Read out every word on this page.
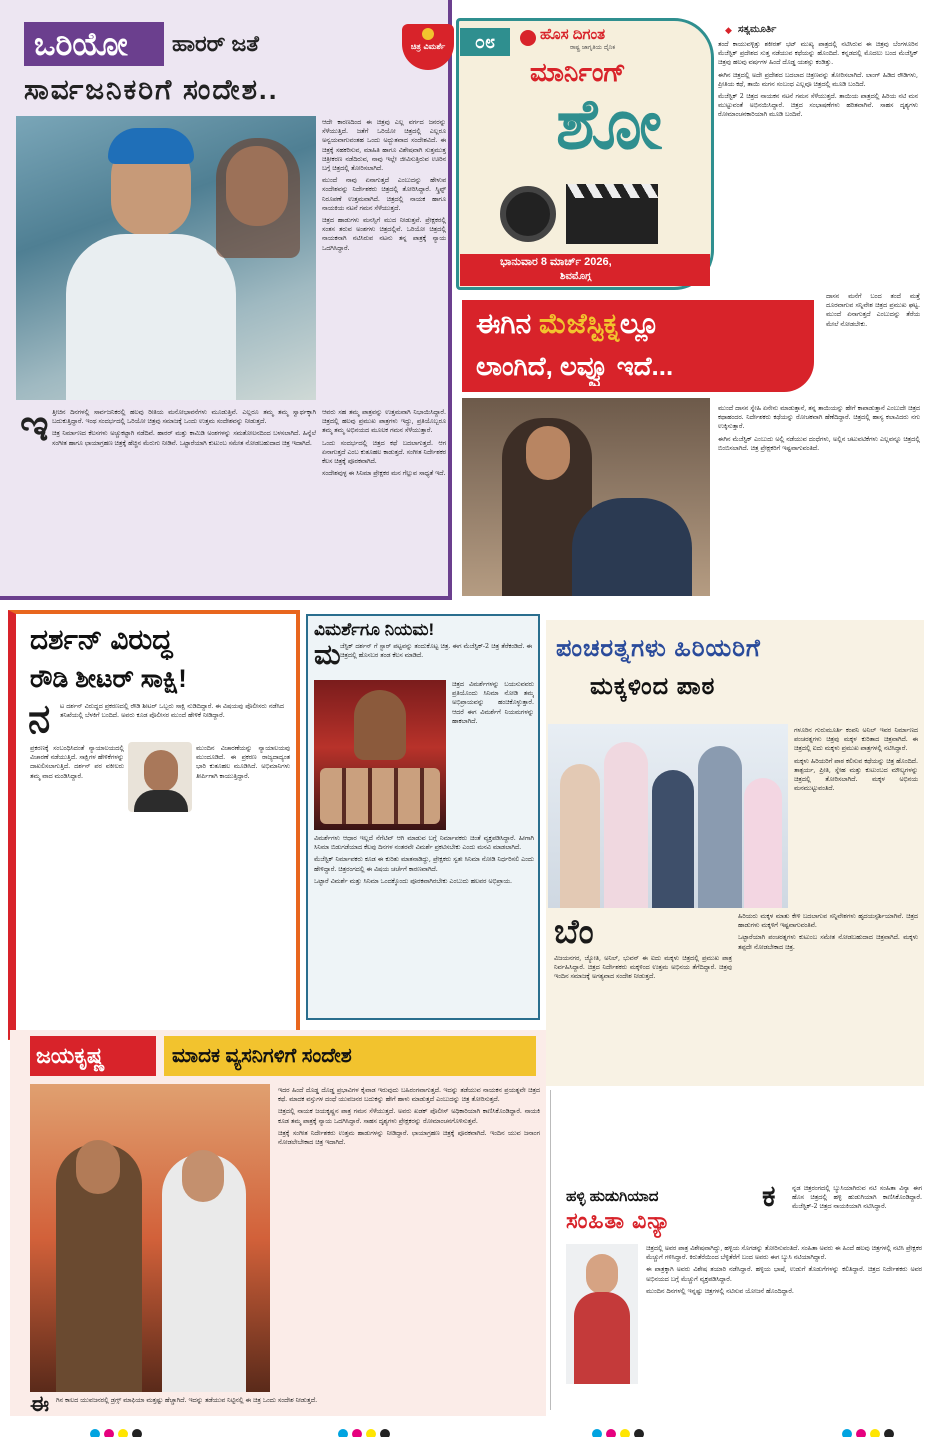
ಒರಿಯೋ	ಹಾರರ್ ಜತೆ
ಸಾರ್ವಜನಿಕರಿಗೆ ಸಂದೇಶ..
ಚಿತ್ರ ವಿಮರ್ಶೆ

ಆದೇ ಕಾರಣದಿಂದ ಈ ಚಿತ್ರವು ಎಲ್ಲ ವರ್ಗದ ಜನರನ್ನು ಸೆಳೆಯುತ್ತಿದೆ. ಜತೆಗೆ ಒರಿಯೋ ಚಿತ್ರದಲ್ಲಿ ಎಲ್ಲರೂ ಅನ್ವಯವಾಗುವಂತಹ ಒಂದು ಅದ್ಭುತವಾದ ಸಂದೇಶವಿದೆ. ಈ ಚಿತ್ರಕ್ಕೆ ಸಹಕರಿಸುವ, ಮಾಹಿತಿ ಹಾಗೂ ವಿಶೇಷವಾಗಿ ಸುತ್ತಮುತ್ತ ಚಿತ್ರೀಕರಣ ನಡೆದಿರುವ, ನಾವು ಇಲ್ಲೇ ಜೀವಿಸುತ್ತಿರುವ ಊರಿನ ಬಗ್ಗೆ ಚಿತ್ರದಲ್ಲಿ ತೋರಿಸಲಾಗಿದೆ.

ಮುಂದೆ ನಾವು ಏನಾಗುತ್ತದೆ ಎಂಬುದನ್ನು ಹೇಳುವ ಸಂದೇಶವನ್ನು ನಿರ್ದೇಶಕರು ಚಿತ್ರದಲ್ಲಿ ತೋರಿಸಿದ್ದಾರೆ. ಸ್ಕ್ರಿಪ್ಟ್ ನಿರೂಪಣೆ ಉತ್ತಮವಾಗಿದೆ. ಚಿತ್ರದಲ್ಲಿ ನಾಯಕ ಹಾಗೂ ನಾಯಕಿಯ ನಟನೆ ಗಮನ ಸೆಳೆಯುತ್ತದೆ.

ಚಿತ್ರದ ಹಾಡುಗಳು ಮನಸ್ಸಿಗೆ ಮುದ ನೀಡುತ್ತವೆ. ಪ್ರೇಕ್ಷಕರಲ್ಲಿ ಸಂತಸ ತರುವ ಅಂಶಗಳು ಚಿತ್ರದಲ್ಲಿವೆ. ಒರಿಯೋ ಚಿತ್ರದಲ್ಲಿ ನಾಯಕನಾಗಿ ನಟಿಸಿರುವ ನಟನು ತನ್ನ ಪಾತ್ರಕ್ಕೆ ನ್ಯಾಯ ಒದಗಿಸಿದ್ದಾರೆ.

ಇ ತ್ತೀಚಿನ ದಿನಗಳಲ್ಲಿ ಸಾರ್ವಜನಿಕರಲ್ಲಿ ಹಲವು ರೀತಿಯ ಮನೋಭಾವನೆಗಳು ಮೂಡುತ್ತಿವೆ. ಎಲ್ಲರೂ ತಮ್ಮ ತಮ್ಮ ಸ್ವಾರ್ಥಕ್ಕಾಗಿ ಬದುಕುತ್ತಿದ್ದಾರೆ. ಇಂಥ ಸಂದರ್ಭದಲ್ಲಿ ಒರಿಯೋ ಚಿತ್ರವು ಸಮಾಜಕ್ಕೆ ಒಂದು ಉತ್ತಮ ಸಂದೇಶವನ್ನು ನೀಡುತ್ತದೆ.

ಚಿತ್ರ ನಿರ್ಮಾಣದ ಕೆಲಸಗಳು ಅಚ್ಚುಕಟ್ಟಾಗಿ ನಡೆದಿವೆ. ಹಾರರ್ ಮತ್ತು ಕಾಮಿಡಿ ಅಂಶಗಳನ್ನು ಸಮತೋಲನದಿಂದ ಬಳಸಲಾಗಿದೆ. ಹಿನ್ನೆಲೆ ಸಂಗೀತ ಹಾಗೂ ಛಾಯಾಗ್ರಹಣ ಚಿತ್ರಕ್ಕೆ ಹೆಚ್ಚಿನ ಮೆರುಗು ನೀಡಿವೆ. ಒಟ್ಟಾರೆಯಾಗಿ ಕುಟುಂಬ ಸಮೇತ ನೋಡಬಹುದಾದ ಚಿತ್ರ ಇದಾಗಿದೆ.

ಆವರು ಸಹ ತಮ್ಮ ಪಾತ್ರವನ್ನು ಉತ್ತಮವಾಗಿ ನಿಭಾಯಿಸಿದ್ದಾರೆ. ಚಿತ್ರದಲ್ಲಿ ಹಲವು ಪ್ರಮುಖ ಪಾತ್ರಗಳು ಇದ್ದು, ಪ್ರತಿಯೊಬ್ಬರೂ ತಮ್ಮ ತಮ್ಮ ಅಭಿನಯದ ಮೂಲಕ ಗಮನ ಸೆಳೆಯುತ್ತಾರೆ.

ಒಂದು ಸಂದರ್ಭದಲ್ಲಿ ಚಿತ್ರದ ಕಥೆ ಬದಲಾಗುತ್ತದೆ. ಆಗ ಏನಾಗುತ್ತದೆ ಎಂಬ ಕುತೂಹಲ ಕಾಡುತ್ತದೆ. ಸಂಗೀತ ನಿರ್ದೇಶಕರ ಕೆಲಸ ಚಿತ್ರಕ್ಕೆ ಪೂರಕವಾಗಿದೆ.

ಸಂದೇಶವುಳ್ಳ ಈ ಸಿನಿಮಾ ಪ್ರೇಕ್ಷಕರ ಮನ ಗೆಲ್ಲುವ ಸಾಧ್ಯತೆ ಇದೆ.

೦೮	ಹೊಸ ದಿಗಂತ
ರಾಷ್ಟ್ರ ಜಾಗೃತಿಯ ದೈನಿಕ
ಮಾರ್ನಿಂಗ್
ಶೋ
ಭಾನುವಾರ 8 ಮಾರ್ಚ್ 2026,
ಶಿವಮೊಗ್ಗ
◆ ಸತ್ಯಮೂರ್ತಿ

ತಂದೆ ಕಾಯುವಳ್ಳಿತ್ತು ಶಕೀರತ್ ಭಟ್ ಮುಖ್ಯ ಪಾತ್ರದಲ್ಲಿ ನಟಿಸಿರುವ ಈ ಚಿತ್ರವು ಬೆಂಗಳೂರಿನ ಮೆಜೆಸ್ಟಿಕ್ ಪ್ರದೇಶದ ಸುತ್ತ ನಡೆಯುವ ಕಥೆಯನ್ನು ಹೊಂದಿದೆ. ಕನ್ನಡದಲ್ಲಿ ಮೊದಲು ಬಂದ ಮೆಜೆಸ್ಟಿಕ್ ಚಿತ್ರವು ಹಲವು ವರ್ಷಗಳ ಹಿಂದೆ ದೊಡ್ಡ ಯಶಸ್ಸು ಕಂಡಿತ್ತು.

ಈಗಿನ ಚಿತ್ರದಲ್ಲಿ ಅದೇ ಪ್ರದೇಶದ ಬದಲಾದ ಚಿತ್ರಣವನ್ನು ತೋರಿಸಲಾಗಿದೆ. ಲಾಂಗ್ ಹಿಡಿದ ರೌಡಿಗಳು, ಪ್ರೀತಿಯ ಕಥೆ, ತಾಯಿ ಮಗನ ಸಂಬಂಧ ಎಲ್ಲವೂ ಚಿತ್ರದಲ್ಲಿ ಮೂಡಿ ಬಂದಿದೆ.

ಮೆಜೆಸ್ಟಿಕ್ 2 ಚಿತ್ರದ ನಾಯಕನ ನಟನೆ ಗಮನ ಸೆಳೆಯುತ್ತದೆ. ತಾಯಿಯ ಪಾತ್ರದಲ್ಲಿ ಹಿರಿಯ ನಟಿ ಮನ ಮುಟ್ಟುವಂತೆ ಅಭಿನಯಿಸಿದ್ದಾರೆ. ಚಿತ್ರದ ಸಂಭಾಷಣೆಗಳು ಹರಿತವಾಗಿವೆ. ಸಾಹಸ ದೃಶ್ಯಗಳು ರೋಮಾಂಚನಕಾರಿಯಾಗಿ ಮೂಡಿ ಬಂದಿವೆ.

ದಾಸನ ಮನೆಗೆ ಬಂದ ತಂದೆ ಮತ್ತೆ ದೂರವಾಗುವ ಸನ್ನಿವೇಶ ಚಿತ್ರದ ಪ್ರಮುಖ ಘಟ್ಟ. ಮುಂದೆ ಏನಾಗುತ್ತದೆ ಎಂಬುದನ್ನು ತೆರೆಯ ಮೇಲೆ ನೋಡಬೇಕು.

ಈಗಿನ ಮೆಜೆಸ್ಟಿಕ್ನಲ್ಲೂ
ಲಾಂಗಿದೆ, ಲವ್ವೂ ಇದೆ...

ಮುಂದೆ ದಾಸನ ಸ್ನೇಹಿ ಏನೇನು ಮಾಡುತ್ತಾನೆ, ತನ್ನ ತಾಯಿಯನ್ನು ಹೇಗೆ ಕಾಪಾಡುತ್ತಾನೆ ಎಂಬುದೇ ಚಿತ್ರದ ಕಥಾಹಂದರ. ನಿರ್ದೇಶಕರು ಕಥೆಯನ್ನು ರೋಚಕವಾಗಿ ಹೆಣೆದಿದ್ದಾರೆ. ಚಿತ್ರದಲ್ಲಿ ಹಾಸ್ಯ ಕಲಾವಿದರು ನಗು ಉಕ್ಕಿಸುತ್ತಾರೆ.

ಈಗಿನ ಮೆಜೆಸ್ಟಿಕ್ ಎಂಬುದು ಅಲ್ಲಿ ನಡೆಯುವ ದಂಧೆಗಳು, ಅಲ್ಲಿನ ಚಟುವಟಿಕೆಗಳು ಎಲ್ಲವನ್ನೂ ಚಿತ್ರದಲ್ಲಿ ಬಿಂಬಿಸಲಾಗಿದೆ. ಚಿತ್ರ ಪ್ರೇಕ್ಷಕರಿಗೆ ಇಷ್ಟವಾಗುವಂತಿದೆ.

ದರ್ಶನ್ ವಿರುದ್ಧ
ರೌಡಿ ಶೀಟರ್ ಸಾಕ್ಷಿ!
ನ ಟ ದರ್ಶನ್ ವಿರುದ್ಧದ ಪ್ರಕರಣದಲ್ಲಿ ರೌಡಿ ಶೀಟರ್ ಒಬ್ಬರು ಸಾಕ್ಷಿ ನುಡಿದಿದ್ದಾರೆ. ಈ ವಿಷಯವು ಪೊಲೀಸರು ನಡೆಸಿದ ತನಿಖೆಯಲ್ಲಿ ಬೆಳಕಿಗೆ ಬಂದಿದೆ. ಅವರು ಕೂಡ ಪೊಲೀಸರ ಮುಂದೆ ಹೇಳಿಕೆ ನೀಡಿದ್ದಾರೆ.

ಪ್ರಕರಣಕ್ಕೆ ಸಂಬಂಧಿಸಿದಂತೆ ನ್ಯಾಯಾಲಯದಲ್ಲಿ ವಿಚಾರಣೆ ನಡೆಯುತ್ತಿದೆ. ಸಾಕ್ಷಿಗಳ ಹೇಳಿಕೆಗಳನ್ನು ದಾಖಲಿಸಲಾಗುತ್ತಿದೆ. ದರ್ಶನ್ ಪರ ವಕೀಲರು ತಮ್ಮ ವಾದ ಮಂಡಿಸಿದ್ದಾರೆ.

ಮುಂದಿನ ವಿಚಾರಣೆಯನ್ನು ನ್ಯಾಯಾಲಯವು ಮುಂದೂಡಿದೆ. ಈ ಪ್ರಕರಣ ರಾಜ್ಯದಾದ್ಯಂತ ಭಾರಿ ಕುತೂಹಲ ಮೂಡಿಸಿದೆ. ಅಭಿಮಾನಿಗಳು ತೀರ್ಪಿಗಾಗಿ ಕಾಯುತ್ತಿದ್ದಾರೆ.

ವಿಮರ್ಶೆಗೂ ನಿಯಮ!
ಮ ಜೆಸ್ಟಿಕ್ ದರ್ಶನ್ ಗೆ ಸ್ಟಾರ್ ಪಟ್ಟವನ್ನು ತಂದುಕೊಟ್ಟ ಚಿತ್ರ. ಈಗ ಮೆಜೆಸ್ಟಿಕ್-2 ಚಿತ್ರ ತೆರೆಕಂಡಿದೆ. ಈ ಚಿತ್ರದಲ್ಲಿ ಹೊಸಬರ ತಂಡ ಕೆಲಸ ಮಾಡಿದೆ.
ಚಿತ್ರದ ವಿಮರ್ಶೆಗಳನ್ನು ಬಯಸುವವರು ಪ್ರತಿಯೊಂದು ಸಿನಿಮಾ ನೋಡಿ ತಮ್ಮ ಅಭಿಪ್ರಾಯವನ್ನು ಹಂಚಿಕೊಳ್ಳುತ್ತಾರೆ. ಆದರೆ ಈಗ ವಿಮರ್ಶೆಗೆ ನಿಯಮಗಳನ್ನು ಹಾಕಲಾಗಿದೆ.

ವಿಮರ್ಶೆಗಳು ಆಧಾರ ಇಲ್ಲದೆ ನೆಗೆಟಿವ್ ಆಗಿ ಮಾಡುವ ಬಗ್ಗೆ ನಿರ್ಮಾಪಕರು ಚಿಂತೆ ವ್ಯಕ್ತಪಡಿಸಿದ್ದಾರೆ. ಹೀಗಾಗಿ ಸಿನಿಮಾ ಬಿಡುಗಡೆಯಾದ ಕೆಲವು ದಿನಗಳ ನಂತರವೇ ವಿಮರ್ಶೆ ಪ್ರಕಟಿಸಬೇಕು ಎಂದು ಮನವಿ ಮಾಡಲಾಗಿದೆ.

ಮೆಜೆಸ್ಟಿಕ್ ನಿರ್ಮಾಪಕರು ಕೂಡ ಈ ಕುರಿತು ಮಾತನಾಡಿದ್ದು, ಪ್ರೇಕ್ಷಕರು ಸ್ವತಃ ಸಿನಿಮಾ ನೋಡಿ ನಿರ್ಧರಿಸಲಿ ಎಂದು ಹೇಳಿದ್ದಾರೆ. ಚಿತ್ರರಂಗದಲ್ಲಿ ಈ ವಿಷಯ ಚರ್ಚೆಗೆ ಕಾರಣವಾಗಿದೆ.

ಒಟ್ಟಾರೆ ವಿಮರ್ಶೆ ಮತ್ತು ಸಿನಿಮಾ ಒಂದಕ್ಕೊಂದು ಪೂರಕವಾಗಿರಬೇಕು ಎಂಬುದು ಹಲವರ ಅಭಿಪ್ರಾಯ.

ಪಂಚರತ್ನಗಳು ಹಿರಿಯರಿಗೆ
ಮಕ್ಕಳಿಂದ ಪಾಠ

ಗಳೂರಿನ ಗುರುಮೂರ್ತಿ ಕಂಪನಿ ಅನಿಲ್ ಇವರ ನಿರ್ಮಾಣದ ಪಂಚರತ್ನಗಳು ಚಿತ್ರವು ಮಕ್ಕಳ ಕುರಿತಾದ ಚಿತ್ರವಾಗಿದೆ. ಈ ಚಿತ್ರದಲ್ಲಿ ಐದು ಮಕ್ಕಳು ಪ್ರಮುಖ ಪಾತ್ರಗಳಲ್ಲಿ ನಟಿಸಿದ್ದಾರೆ.

ಮಕ್ಕಳು ಹಿರಿಯರಿಗೆ ಪಾಠ ಕಲಿಸುವ ಕಥೆಯನ್ನು ಚಿತ್ರ ಹೊಂದಿದೆ. ತಾತ್ಪರ್ಯ, ಪ್ರೀತಿ, ಸ್ನೇಹ ಮತ್ತು ಕುಟುಂಬದ ಮೌಲ್ಯಗಳನ್ನು ಚಿತ್ರದಲ್ಲಿ ತೋರಿಸಲಾಗಿದೆ. ಮಕ್ಕಳ ಅಭಿನಯ ಮನಮುಟ್ಟುವಂತಿದೆ.

ಬೆಂ

ವಿಜಯನಗರ, ಜ್ಯೋತಿ, ಅನಿಲ್, ಭುವನ್ ಈ ಐದು ಮಕ್ಕಳು ಚಿತ್ರದಲ್ಲಿ ಪ್ರಮುಖ ಪಾತ್ರ ನಿರ್ವಹಿಸಿದ್ದಾರೆ. ಚಿತ್ರದ ನಿರ್ದೇಶಕರು ಮಕ್ಕಳಿಂದ ಉತ್ತಮ ಅಭಿನಯ ತೆಗೆದಿದ್ದಾರೆ. ಚಿತ್ರವು ಇಂದಿನ ಸಮಾಜಕ್ಕೆ ಅಗತ್ಯವಾದ ಸಂದೇಶ ನೀಡುತ್ತದೆ.

ಹಿರಿಯರು ಮಕ್ಕಳ ಮಾತು ಕೇಳಿ ಬದಲಾಗುವ ಸನ್ನಿವೇಶಗಳು ಹೃದಯಸ್ಪರ್ಶಿಯಾಗಿವೆ. ಚಿತ್ರದ ಹಾಡುಗಳು ಮಕ್ಕಳಿಗೆ ಇಷ್ಟವಾಗುವಂತಿವೆ.

ಒಟ್ಟಾರೆಯಾಗಿ ಪಂಚರತ್ನಗಳು ಕುಟುಂಬ ಸಮೇತ ನೋಡಬಹುದಾದ ಚಿತ್ರವಾಗಿದೆ. ಮಕ್ಕಳು ತಪ್ಪದೇ ನೋಡಬೇಕಾದ ಚಿತ್ರ.

ಜಯಕೃಷ್ಣ	ಮಾದಕ ವ್ಯಸನಿಗಳಿಗೆ ಸಂದೇಶ

ಇದರ ಹಿಂದೆ ದೊಡ್ಡ ದೊಡ್ಡ ಪ್ರಭಾವಿಗಳ ಕೈವಾಡ ಇರುವುದು ಬಹಿರಂಗವಾಗುತ್ತದೆ. ಇದನ್ನು ತಡೆಯುವ ನಾಯಕನ ಪ್ರಯತ್ನವೇ ಚಿತ್ರದ ಕಥೆ. ಮಾದಕ ವಸ್ತುಗಳ ದಂಧೆ ಯುವಜನರ ಬದುಕನ್ನು ಹೇಗೆ ಹಾಳು ಮಾಡುತ್ತದೆ ಎಂಬುದನ್ನು ಚಿತ್ರ ತೋರಿಸುತ್ತದೆ.

ಚಿತ್ರದಲ್ಲಿ ನಾಯಕ ಜಯಕೃಷ್ಣನ ಪಾತ್ರ ಗಮನ ಸೆಳೆಯುತ್ತದೆ. ಅವರು ಖಡಕ್ ಪೊಲೀಸ್ ಅಧಿಕಾರಿಯಾಗಿ ಕಾಣಿಸಿಕೊಂಡಿದ್ದಾರೆ. ನಾಯಕಿ ಕೂಡ ತಮ್ಮ ಪಾತ್ರಕ್ಕೆ ನ್ಯಾಯ ಒದಗಿಸಿದ್ದಾರೆ. ಸಾಹಸ ದೃಶ್ಯಗಳು ಪ್ರೇಕ್ಷಕರನ್ನು ರೋಮಾಂಚನಗೊಳಿಸುತ್ತವೆ.

ಚಿತ್ರಕ್ಕೆ ಸಂಗೀತ ನಿರ್ದೇಶಕರು ಉತ್ತಮ ಹಾಡುಗಳನ್ನು ನೀಡಿದ್ದಾರೆ. ಛಾಯಾಗ್ರಹಣ ಚಿತ್ರಕ್ಕೆ ಪೂರಕವಾಗಿದೆ. ಇಂದಿನ ಯುವ ಜನಾಂಗ ನೋಡಲೇಬೇಕಾದ ಚಿತ್ರ ಇದಾಗಿದೆ.

ಈ ಗಿನ ಕಾಲದ ಯುವಜನರಲ್ಲಿ ಡ್ರಗ್ಸ್ ಮಾಫಿಯಾ ಮತ್ತಷ್ಟು ಹೆಚ್ಚಾಗಿದೆ. ಇದನ್ನು ತಡೆಯುವ ನಿಟ್ಟಿನಲ್ಲಿ ಈ ಚಿತ್ರ ಒಂದು ಸಂದೇಶ ನೀಡುತ್ತದೆ.
ಹಳ್ಳಿ ಹುಡುಗಿಯಾದ
ಸಂಹಿತಾ ವಿನ್ಯಾ
ಕ	ನ್ನಡ ಚಿತ್ರರಂಗದಲ್ಲಿ ಬ್ಯುಸಿಯಾಗಿರುವ ನಟಿ ಸಂಹಿತಾ ವಿನ್ಯಾ ಈಗ ಹೊಸ ಚಿತ್ರದಲ್ಲಿ ಹಳ್ಳಿ ಹುಡುಗಿಯಾಗಿ ಕಾಣಿಸಿಕೊಂಡಿದ್ದಾರೆ. ಮೆಜೆಸ್ಟಿಕ್-2 ಚಿತ್ರದ ನಾಯಕಿಯಾಗಿ ನಟಿಸಿದ್ದಾರೆ.

ಚಿತ್ರದಲ್ಲಿ ಅವರ ಪಾತ್ರ ವಿಶೇಷವಾಗಿದ್ದು, ಹಳ್ಳಿಯ ಸೊಗಡನ್ನು ತೋರಿಸುವಂತಿದೆ. ಸಂಹಿತಾ ಅವರು ಈ ಹಿಂದೆ ಹಲವು ಚಿತ್ರಗಳಲ್ಲಿ ನಟಿಸಿ ಪ್ರೇಕ್ಷಕರ ಮೆಚ್ಚುಗೆ ಗಳಿಸಿದ್ದಾರೆ. ಕಿರುತೆರೆಯಿಂದ ಬೆಳ್ಳಿತೆರೆಗೆ ಬಂದ ಅವರು ಈಗ ಬ್ಯುಸಿ ನಟಿಯಾಗಿದ್ದಾರೆ.

ಈ ಪಾತ್ರಕ್ಕಾಗಿ ಅವರು ವಿಶೇಷ ತಯಾರಿ ನಡೆಸಿದ್ದಾರೆ. ಹಳ್ಳಿಯ ಭಾಷೆ, ಉಡುಗೆ ತೊಡುಗೆಗಳನ್ನು ಕಲಿತಿದ್ದಾರೆ. ಚಿತ್ರದ ನಿರ್ದೇಶಕರು ಅವರ ಅಭಿನಯದ ಬಗ್ಗೆ ಮೆಚ್ಚುಗೆ ವ್ಯಕ್ತಪಡಿಸಿದ್ದಾರೆ.

ಮುಂದಿನ ದಿನಗಳಲ್ಲಿ ಇನ್ನಷ್ಟು ಚಿತ್ರಗಳಲ್ಲಿ ನಟಿಸುವ ಯೋಜನೆ ಹೊಂದಿದ್ದಾರೆ.
